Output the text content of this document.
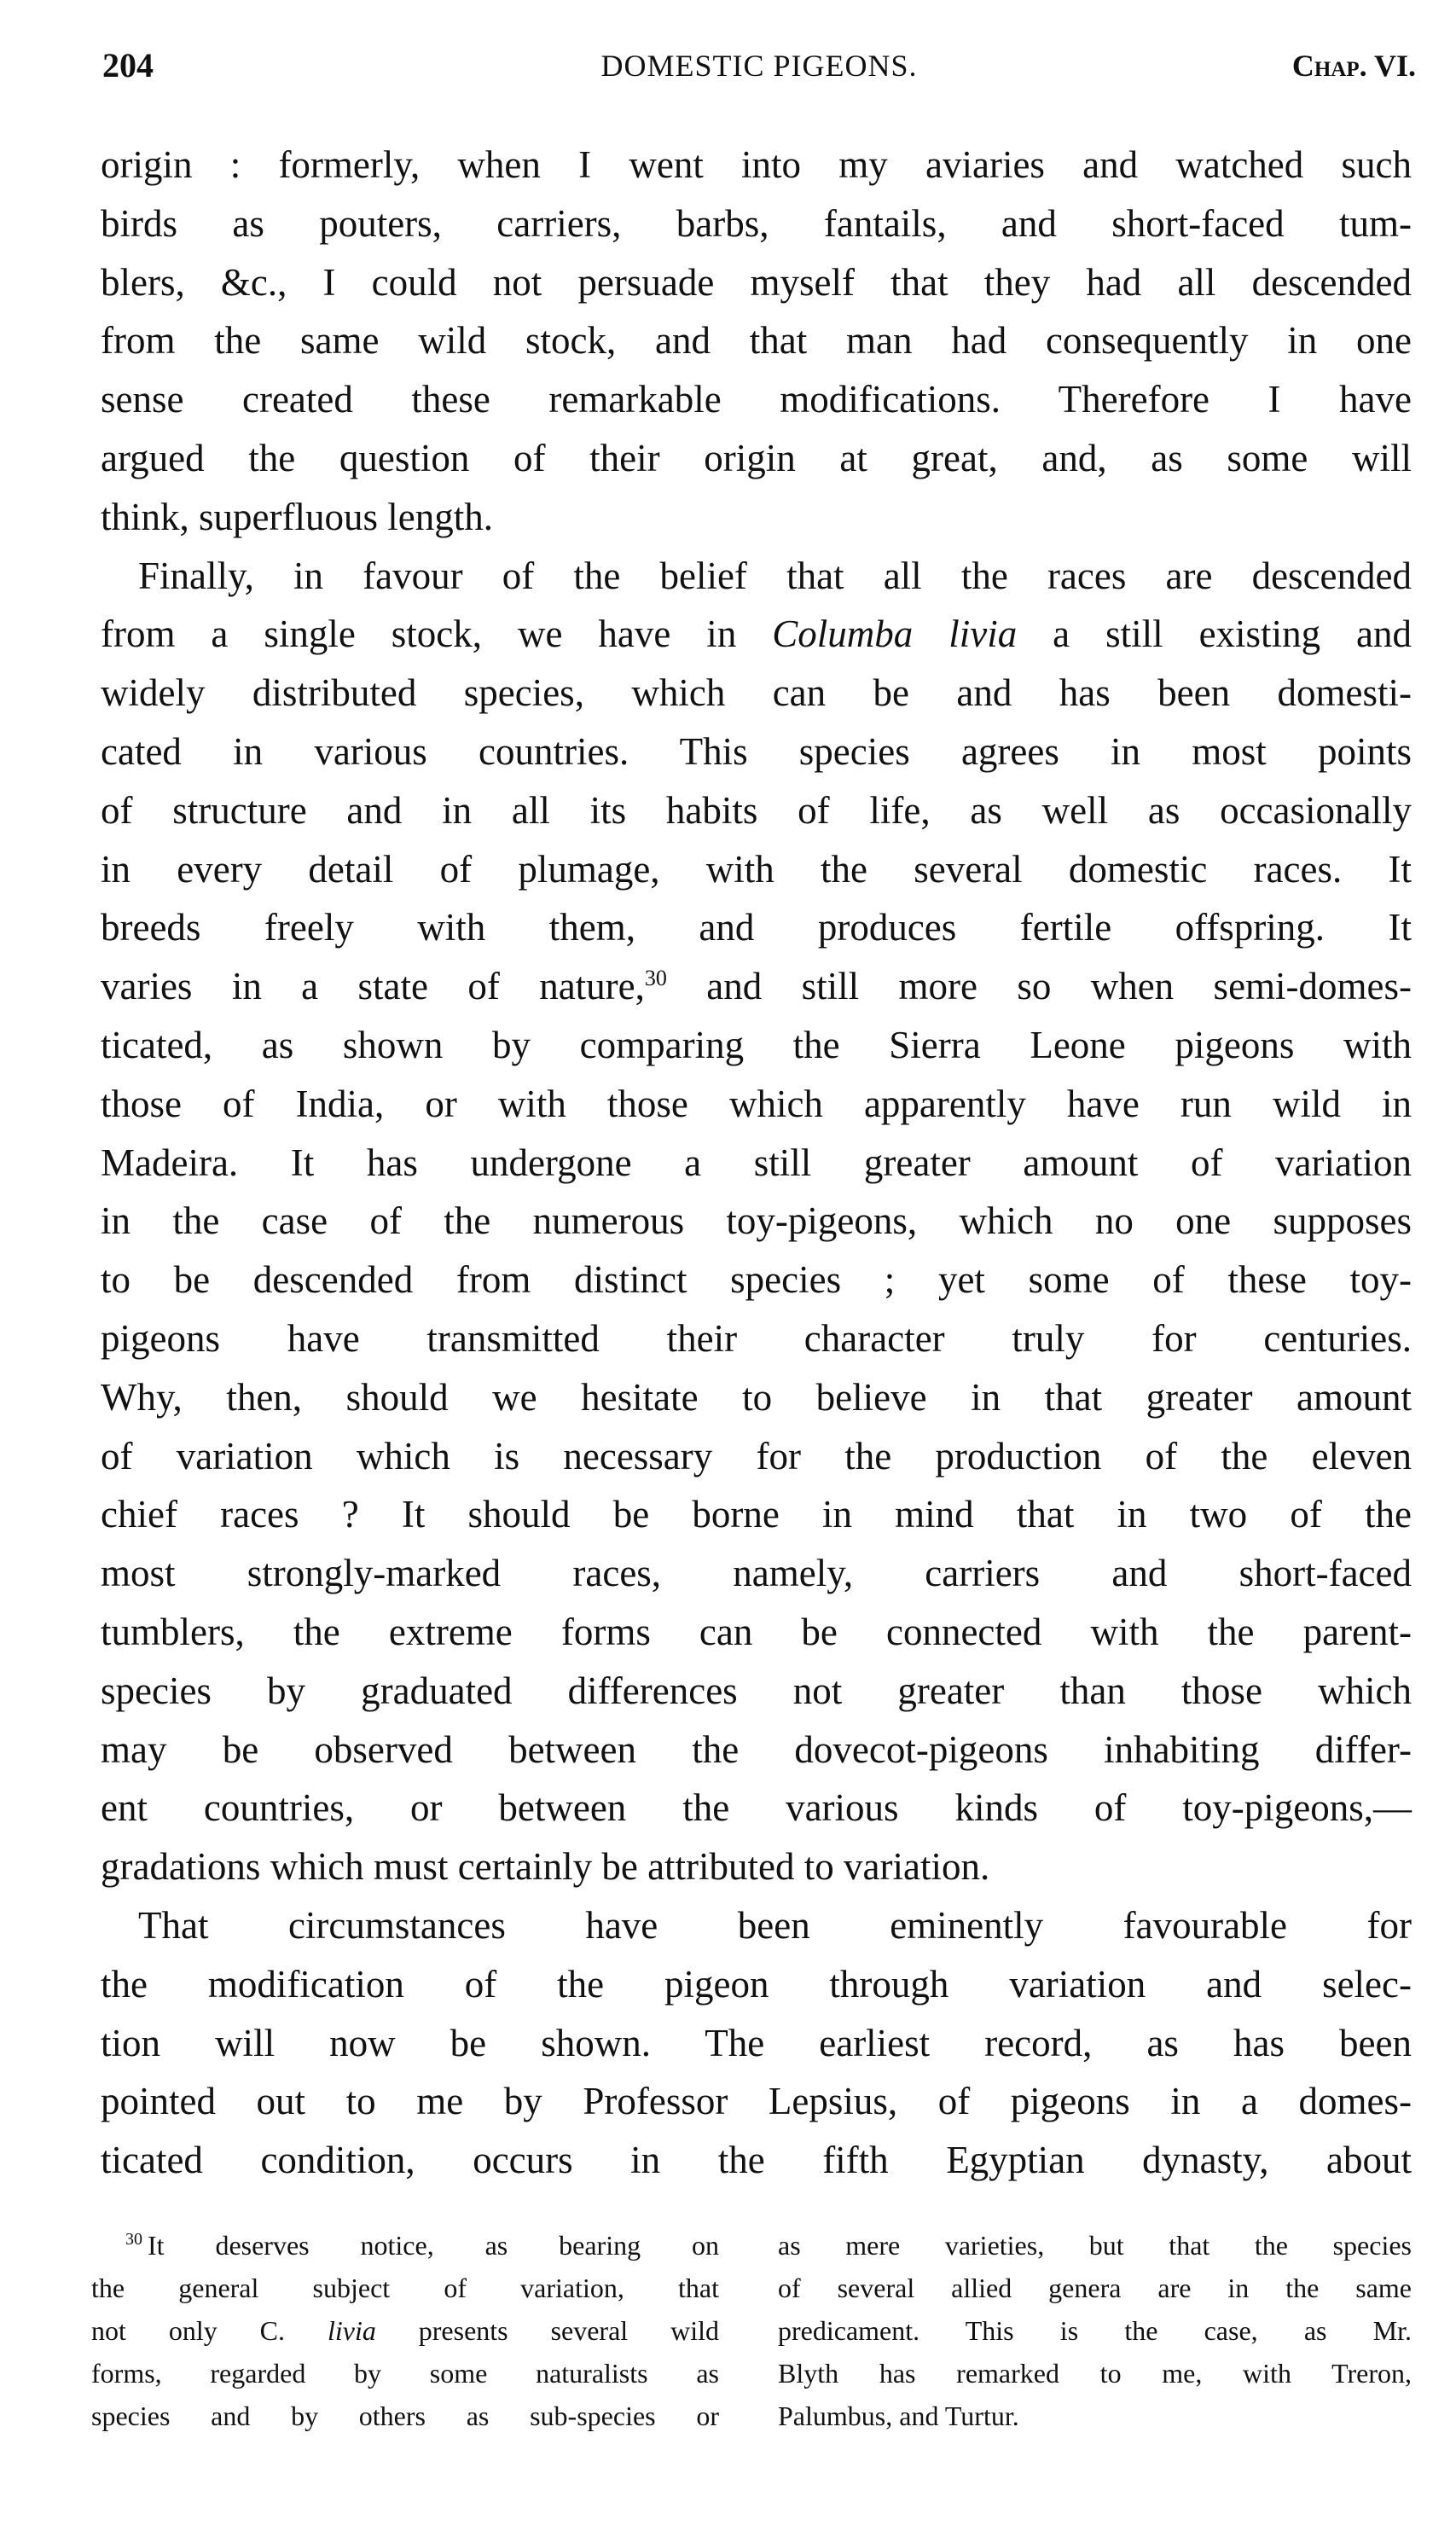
204	DOMESTIC PIGEONS.	Chap. VI.
origin : formerly, when I went into my aviaries and watched such
birds as pouters, carriers, barbs, fantails, and short-faced tum-
blers, &c., I could not persuade myself that they had all descended
from the same wild stock, and that man had consequently in one
sense created these remarkable modifications. Therefore I have
argued the question of their origin at great, and, as some will
think, superfluous length.
Finally, in favour of the belief that all the races are descended
from a single stock, we have in Columba livia a still existing and
widely distributed species, which can be and has been domesti-
cated in various countries. This species agrees in most points
of structure and in all its habits of life, as well as occasionally
in every detail of plumage, with the several domestic races. It
breeds freely with them, and produces fertile offspring. It
varies in a state of nature,$^{30}$ and still more so when semi-domes-
ticated, as shown by comparing the Sierra Leone pigeons with
those of India, or with those which apparently have run wild in
Madeira. It has undergone a still greater amount of variation
in the case of the numerous toy-pigeons, which no one supposes
to be descended from distinct species ; yet some of these toy-
pigeons have transmitted their character truly for centuries.
Why, then, should we hesitate to believe in that greater amount
of variation which is necessary for the production of the eleven
chief races ? It should be borne in mind that in two of the
most strongly-marked races, namely, carriers and short-faced
tumblers, the extreme forms can be connected with the parent-
species by graduated differences not greater than those which
may be observed between the dovecot-pigeons inhabiting differ-
ent countries, or between the various kinds of toy-pigeons,—
gradations which must certainly be attributed to variation.
That circumstances have been eminently favourable for
the modification of the pigeon through variation and selec-
tion will now be shown. The earliest record, as has been
pointed out to me by Professor Lepsius, of pigeons in a domes-
ticated condition, occurs in the fifth Egyptian dynasty, about
$^{30}$ It deserves notice, as bearing on
the general subject of variation, that
not only C. livia presents several wild
forms, regarded by some naturalists as
species and by others as sub-species or
as mere varieties, but that the species
of several allied genera are in the same
predicament. This is the case, as Mr.
Blyth has remarked to me, with Treron,
Palumbus, and Turtur.
